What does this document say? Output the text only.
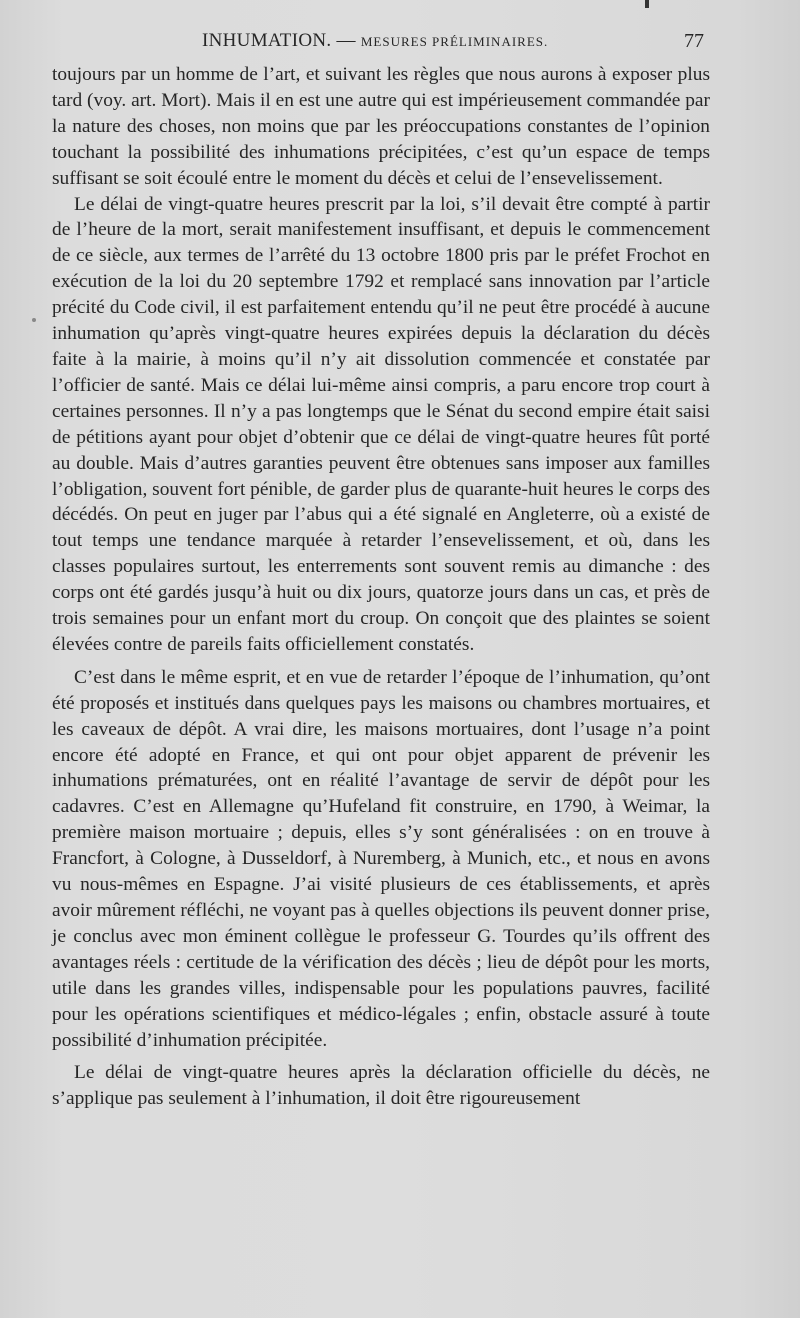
INHUMATION. — MESURES PRÉLIMINAIRES.	77

toujours par un homme de l’art, et suivant les règles que nous aurons à exposer plus tard (voy. art. Mort). Mais il en est une autre qui est impérieusement commandée par la nature des choses, non moins que par les préoccupations constantes de l’opinion touchant la possibilité des inhumations précipitées, c’est qu’un espace de temps suffisant se soit écoulé entre le moment du décès et celui de l’ensevelissement.

Le délai de vingt-quatre heures prescrit par la loi, s’il devait être compté à partir de l’heure de la mort, serait manifestement insuffisant, et depuis le commencement de ce siècle, aux termes de l’arrêté du 13 octobre 1800 pris par le préfet Frochot en exécution de la loi du 20 septembre 1792 et remplacé sans innovation par l’article précité du Code civil, il est parfaitement entendu qu’il ne peut être procédé à aucune inhumation qu’après vingt-quatre heures expirées depuis la déclaration du décès faite à la mairie, à moins qu’il n’y ait dissolution commencée et constatée par l’officier de santé. Mais ce délai lui-même ainsi compris, a paru encore trop court à certaines personnes. Il n’y a pas longtemps que le Sénat du second empire était saisi de pétitions ayant pour objet d’obtenir que ce délai de vingt-quatre heures fût porté au double. Mais d’autres garanties peuvent être obtenues sans imposer aux familles l’obligation, souvent fort pénible, de garder plus de quarante-huit heures le corps des décédés. On peut en juger par l’abus qui a été signalé en Angleterre, où a existé de tout temps une tendance marquée à retarder l’ensevelissement, et où, dans les classes populaires surtout, les enterrements sont souvent remis au dimanche : des corps ont été gardés jusqu’à huit ou dix jours, quatorze jours dans un cas, et près de trois semaines pour un enfant mort du croup. On conçoit que des plaintes se soient élevées contre de pareils faits officiellement constatés.

C’est dans le même esprit, et en vue de retarder l’époque de l’inhumation, qu’ont été proposés et institués dans quelques pays les maisons ou chambres mortuaires, et les caveaux de dépôt. A vrai dire, les maisons mortuaires, dont l’usage n’a point encore été adopté en France, et qui ont pour objet apparent de prévenir les inhumations prématurées, ont en réalité l’avantage de servir de dépôt pour les cadavres. C’est en Allemagne qu’Hufeland fit construire, en 1790, à Weimar, la première maison mortuaire ; depuis, elles s’y sont généralisées : on en trouve à Francfort, à Cologne, à Dusseldorf, à Nuremberg, à Munich, etc., et nous en avons vu nous-mêmes en Espagne. J’ai visité plusieurs de ces établissements, et après avoir mûrement réfléchi, ne voyant pas à quelles objections ils peuvent donner prise, je conclus avec mon éminent collègue le professeur G. Tourdes qu’ils offrent des avantages réels : certitude de la vérification des décès ; lieu de dépôt pour les morts, utile dans les grandes villes, indispensable pour les populations pauvres, facilité pour les opérations scientifiques et médico-légales ; enfin, obstacle assuré à toute possibilité d’inhumation précipitée.

Le délai de vingt-quatre heures après la déclaration officielle du décès, ne s’applique pas seulement à l’inhumation, il doit être rigoureusement
